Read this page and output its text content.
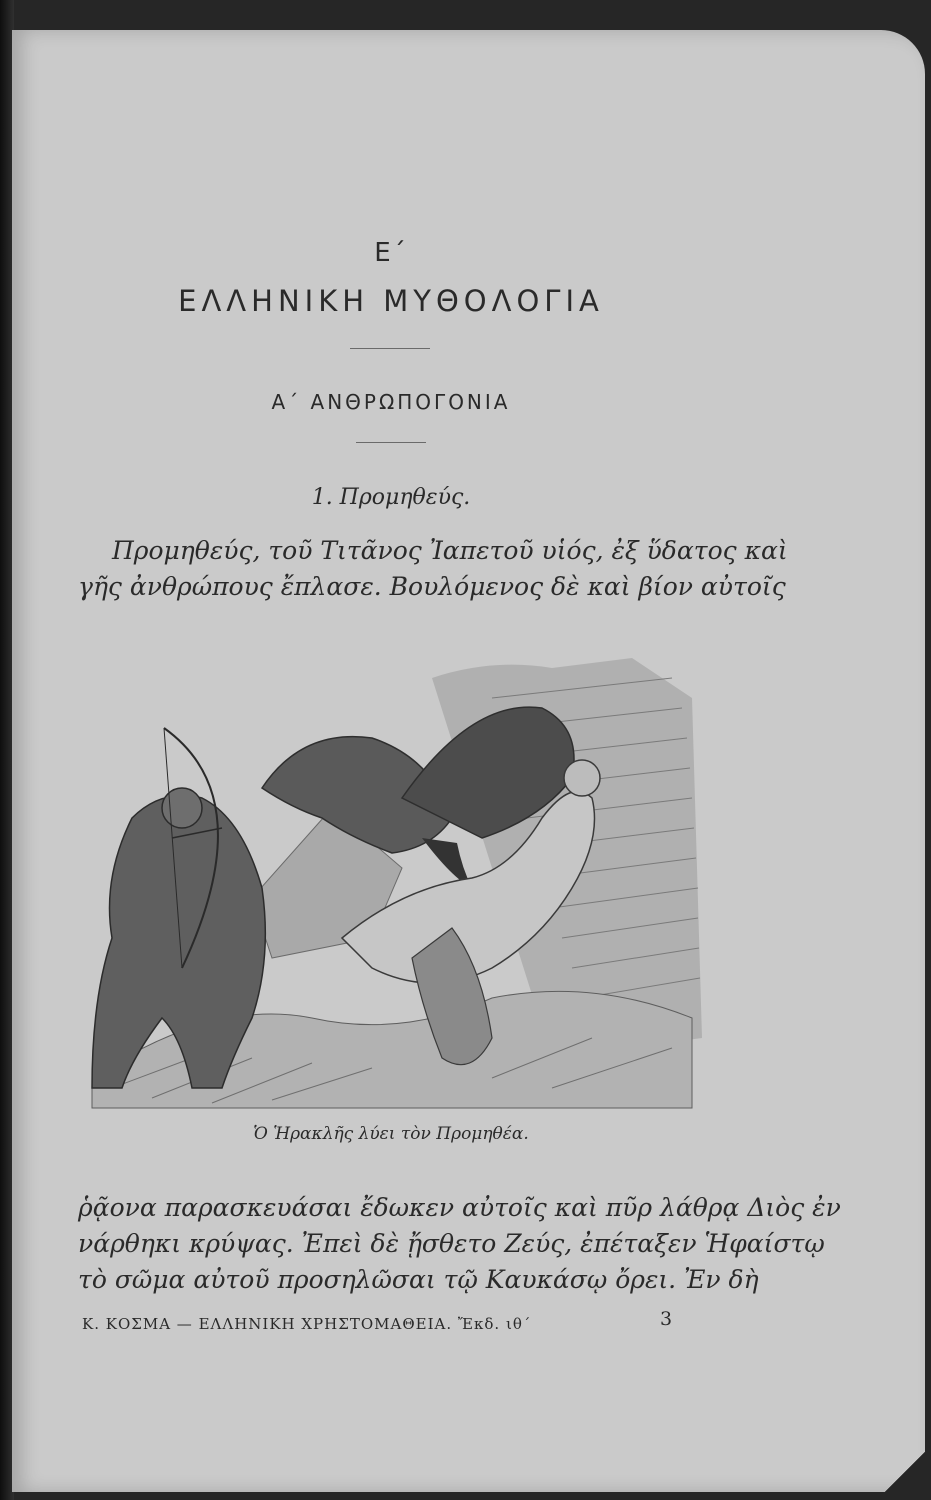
Ε΄
ΕΛΛΗΝΙΚΗ ΜΥΘΟΛΟΓΙΑ
Α΄ ΑΝΘΡΩΠΟΓΟΝΙΑ
1. Προμηθεύς.
Προμηθεύς, τοῦ Τιτᾶνος Ἰαπετοῦ υἱός, ἐξ ὕδατος καὶ
γῆς ἀνθρώπους ἔπλασε. Βουλόμενος δὲ καὶ βίον αὐτοῖς
Ὁ Ἡρακλῆς λύει τὸν Προμηθέα.
ῥᾷονα παρασκευάσαι ἔδωκεν αὐτοῖς καὶ πῦρ λάθρᾳ Διὸς ἐν
νάρθηκι κρύψας. Ἐπεὶ δὲ ᾔσθετο Ζεύς, ἐπέταξεν Ἡφαίστῳ
τὸ σῶμα αὐτοῦ προσηλῶσαι τῷ Καυκάσῳ ὄρει. Ἐν δὴ
Κ. ΚΟΣΜΑ — ΕΛΛΗΝΙΚΗ ΧΡΗΣΤΟΜΑΘΕΙΑ. Ἔκδ. ιθ΄	3
